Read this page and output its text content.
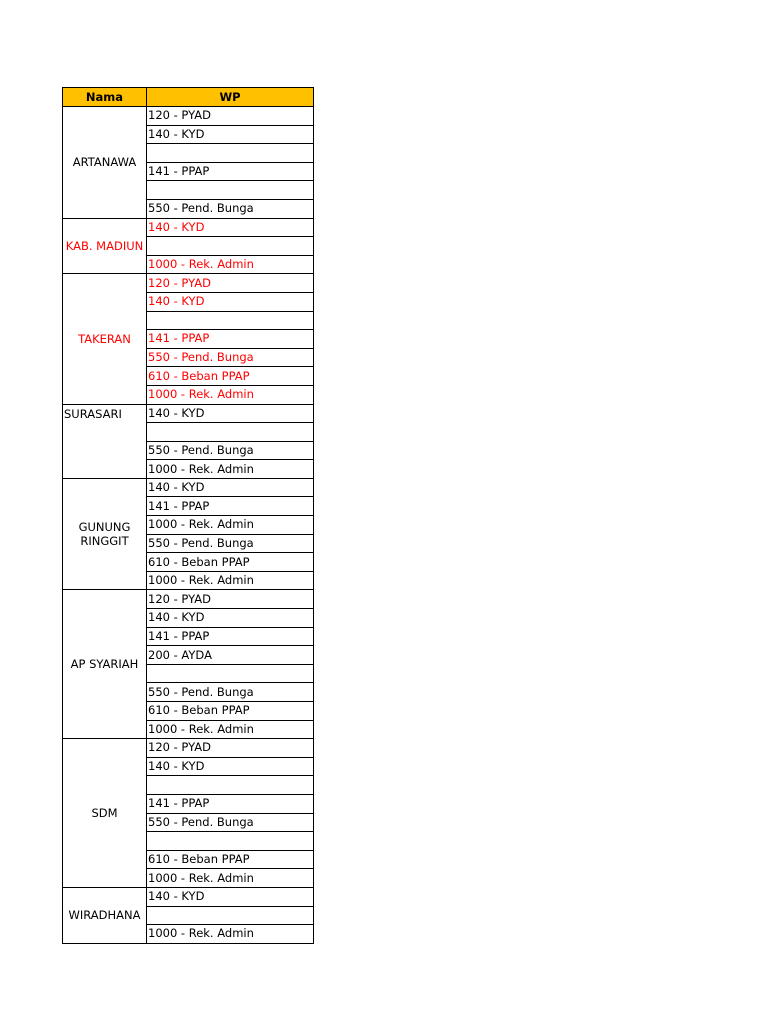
Nama	WP
ARTANAWA	120 - PYAD
	140 - KYD

	141 - PPAP

	550 - Pend. Bunga
KAB. MADIUN	140 - KYD

	1000 - Rek. Admin
TAKERAN	120 - PYAD
	140 - KYD

	141 - PPAP
	550 - Pend. Bunga
	610 - Beban PPAP
	1000 - Rek. Admin
SURASARI	140 - KYD

	550 - Pend. Bunga
	1000 - Rek. Admin
GUNUNG RINGGIT	140 - KYD
	141 - PPAP
	1000 - Rek. Admin
	550 - Pend. Bunga
	610 - Beban PPAP
	1000 - Rek. Admin
AP SYARIAH	120 - PYAD
	140 - KYD
	141 - PPAP
	200 - AYDA

	550 - Pend. Bunga
	610 - Beban PPAP
	1000 - Rek. Admin
SDM	120 - PYAD
	140 - KYD

	141 - PPAP
	550 - Pend. Bunga

	610 - Beban PPAP
	1000 - Rek. Admin
WIRADHANA	140 - KYD

	1000 - Rek. Admin
